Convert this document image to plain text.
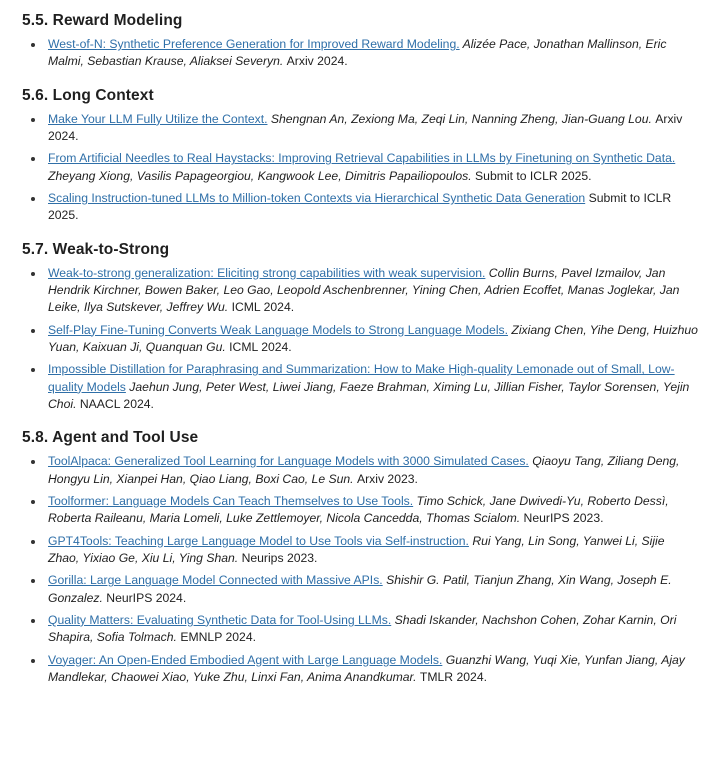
5.5. Reward Modeling
West-of-N: Synthetic Preference Generation for Improved Reward Modeling. Alizée Pace, Jonathan Mallinson, Eric Malmi, Sebastian Krause, Aliaksei Severyn. Arxiv 2024.
5.6. Long Context
Make Your LLM Fully Utilize the Context. Shengnan An, Zexiong Ma, Zeqi Lin, Nanning Zheng, Jian-Guang Lou. Arxiv 2024.
From Artificial Needles to Real Haystacks: Improving Retrieval Capabilities in LLMs by Finetuning on Synthetic Data. Zheyang Xiong, Vasilis Papageorgiou, Kangwook Lee, Dimitris Papailiopoulos. Submit to ICLR 2025.
Scaling Instruction-tuned LLMs to Million-token Contexts via Hierarchical Synthetic Data Generation Submit to ICLR 2025.
5.7. Weak-to-Strong
Weak-to-strong generalization: Eliciting strong capabilities with weak supervision. Collin Burns, Pavel Izmailov, Jan Hendrik Kirchner, Bowen Baker, Leo Gao, Leopold Aschenbrenner, Yining Chen, Adrien Ecoffet, Manas Joglekar, Jan Leike, Ilya Sutskever, Jeffrey Wu. ICML 2024.
Self-Play Fine-Tuning Converts Weak Language Models to Strong Language Models. Zixiang Chen, Yihe Deng, Huizhuo Yuan, Kaixuan Ji, Quanquan Gu. ICML 2024.
Impossible Distillation for Paraphrasing and Summarization: How to Make High-quality Lemonade out of Small, Low-quality Models Jaehun Jung, Peter West, Liwei Jiang, Faeze Brahman, Ximing Lu, Jillian Fisher, Taylor Sorensen, Yejin Choi. NAACL 2024.
5.8. Agent and Tool Use
ToolAlpaca: Generalized Tool Learning for Language Models with 3000 Simulated Cases. Qiaoyu Tang, Ziliang Deng, Hongyu Lin, Xianpei Han, Qiao Liang, Boxi Cao, Le Sun. Arxiv 2023.
Toolformer: Language Models Can Teach Themselves to Use Tools. Timo Schick, Jane Dwivedi-Yu, Roberto Dessì, Roberta Raileanu, Maria Lomeli, Luke Zettlemoyer, Nicola Cancedda, Thomas Scialom. NeurIPS 2023.
GPT4Tools: Teaching Large Language Model to Use Tools via Self-instruction. Rui Yang, Lin Song, Yanwei Li, Sijie Zhao, Yixiao Ge, Xiu Li, Ying Shan. Neurips 2023.
Gorilla: Large Language Model Connected with Massive APIs. Shishir G. Patil, Tianjun Zhang, Xin Wang, Joseph E. Gonzalez. NeurIPS 2024.
Quality Matters: Evaluating Synthetic Data for Tool-Using LLMs. Shadi Iskander, Nachshon Cohen, Zohar Karnin, Ori Shapira, Sofia Tolmach. EMNLP 2024.
Voyager: An Open-Ended Embodied Agent with Large Language Models. Guanzhi Wang, Yuqi Xie, Yunfan Jiang, Ajay Mandlekar, Chaowei Xiao, Yuke Zhu, Linxi Fan, Anima Anandkumar. TMLR 2024.
